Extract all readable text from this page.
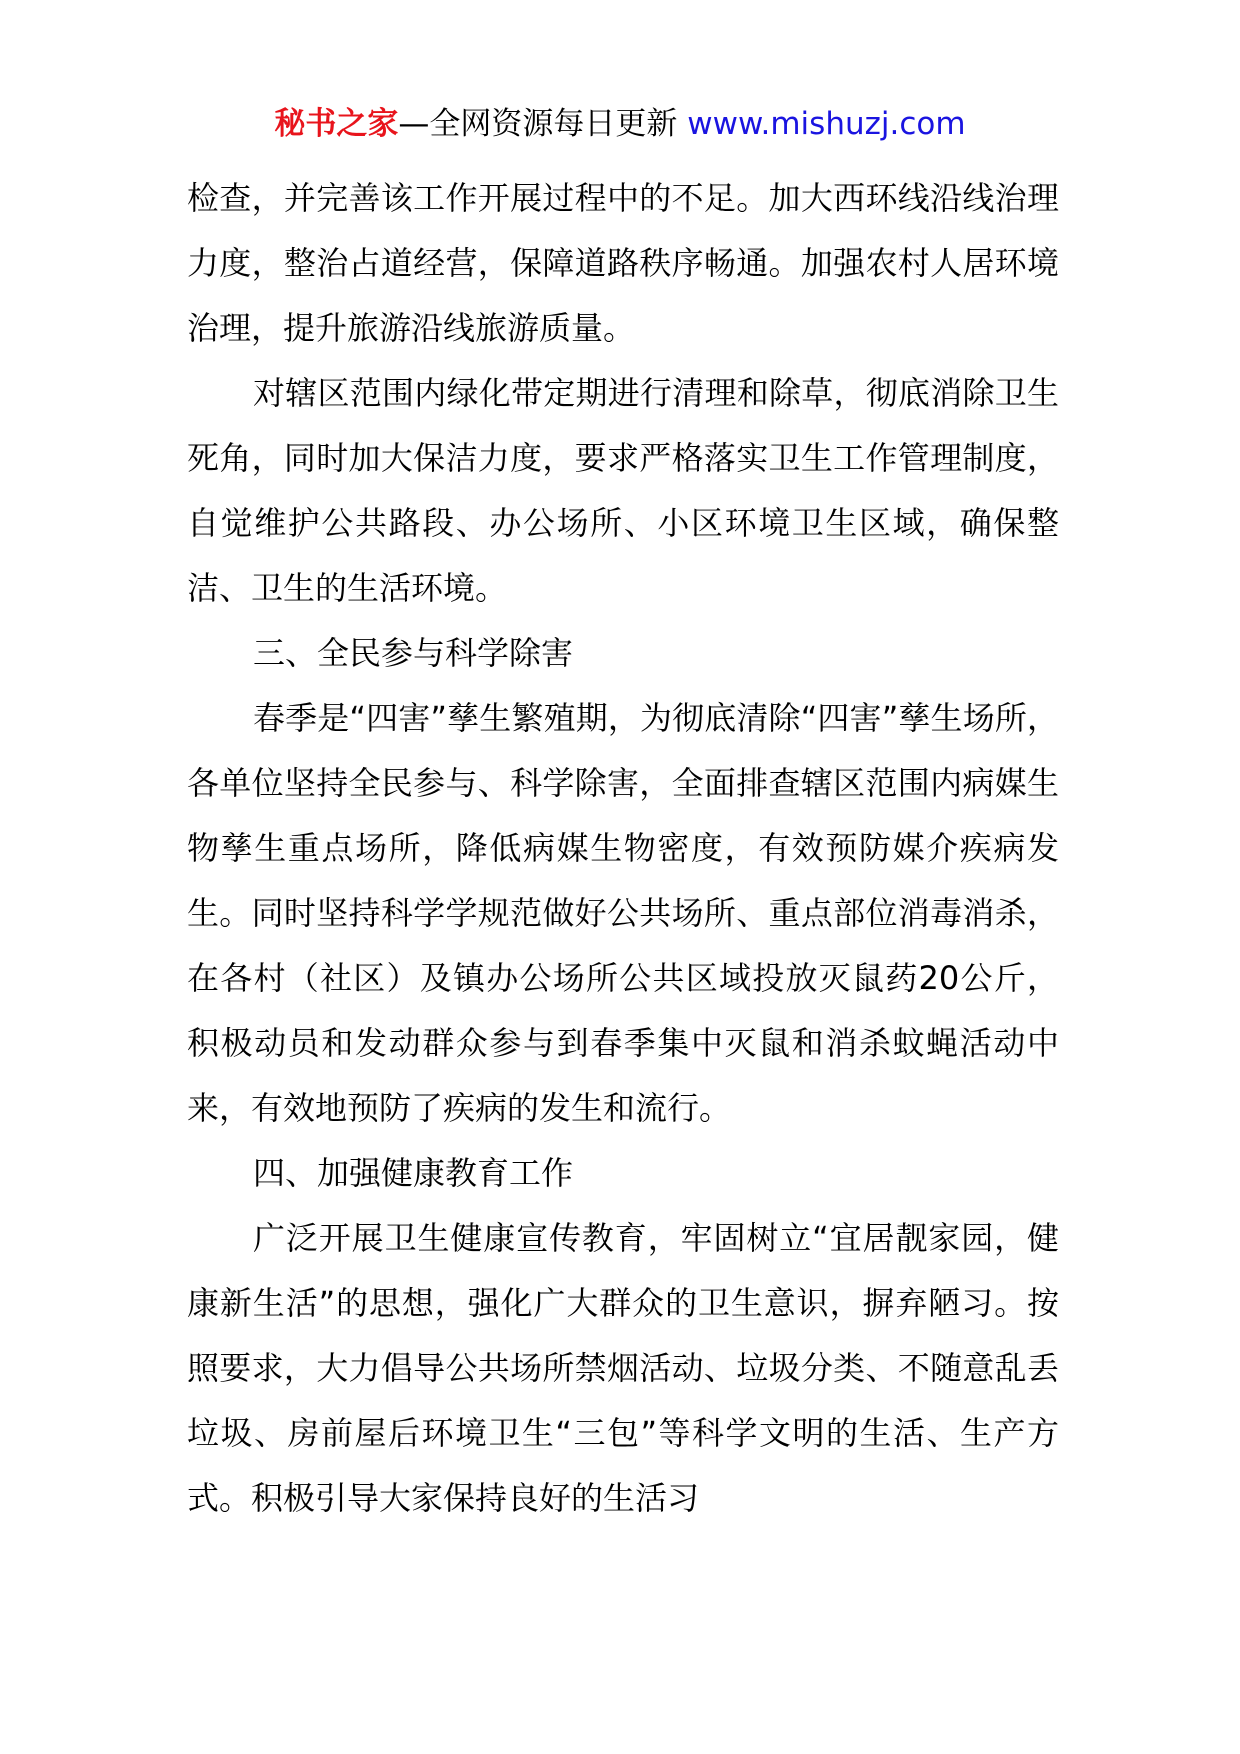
秘书之家—全网资源每日更新 www.mishuzj.com

检查，并完善该工作开展过程中的不足。加大西环线沿线治理力度，整治占道经营，保障道路秩序畅通。加强农村人居环境治理，提升旅游沿线旅游质量。

对辖区范围内绿化带定期进行清理和除草，彻底消除卫生死角，同时加大保洁力度，要求严格落实卫生工作管理制度，自觉维护公共路段、办公场所、小区环境卫生区域，确保整洁、卫生的生活环境。

三、全民参与科学除害

春季是“四害”孳生繁殖期，为彻底清除“四害”孳生场所，各单位坚持全民参与、科学除害，全面排查辖区范围内病媒生物孳生重点场所，降低病媒生物密度，有效预防媒介疾病发生。同时坚持科学学规范做好公共场所、重点部位消毒消杀，在各村（社区）及镇办公场所公共区域投放灭鼠药20公斤，积极动员和发动群众参与到春季集中灭鼠和消杀蚊蝇活动中来，有效地预防了疾病的发生和流行。

四、加强健康教育工作

广泛开展卫生健康宣传教育，牢固树立“宜居靓家园，健康新生活”的思想，强化广大群众的卫生意识，摒弃陋习。按照要求，大力倡导公共场所禁烟活动、垃圾分类、不随意乱丢垃圾、房前屋后环境卫生“三包”等科学文明的生活、生产方式。积极引导大家保持良好的生活习
